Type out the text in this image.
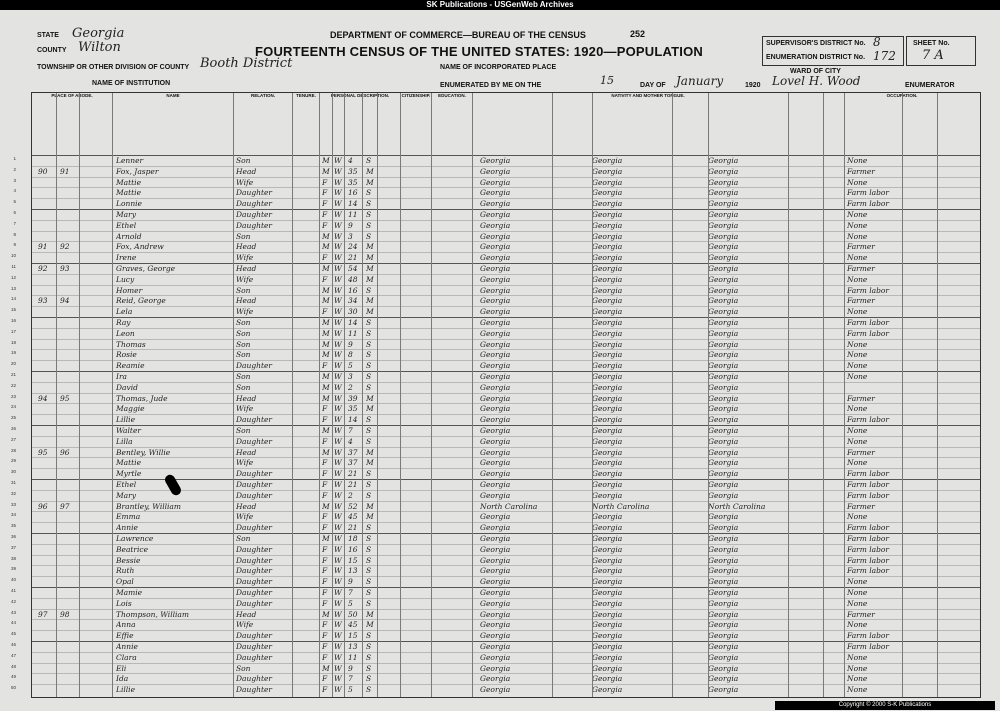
SK Publications - USGenWeb Archives
STATE Georgia
COUNTY Wilton
TOWNSHIP OR OTHER DIVISION OF COUNTY Booth District
NAME OF INSTITUTION
DEPARTMENT OF COMMERCE—BUREAU OF THE CENSUS	252
FOURTEENTH CENSUS OF THE UNITED STATES: 1920—POPULATION
NAME OF INCORPORATED PLACE
ENUMERATED BY ME ON THE	15	DAY OF January	1920 Lovel H. Wood	ENUMERATOR
SUPERVISOR'S DISTRICT No. 8
ENUMERATION DISTRICT No. 172
SHEET No.
7 A
WARD OF CITY
PLACE OF ABODE.	NAME	RELATION.	TENURE.	PERSONAL DESCRIPTION.	CITIZENSHIP.	EDUCATION.	NATIVITY AND MOTHER TONGUE.	OCCUPATION.
1	Lenner	Son	M W 4	S	Georgia	Georgia	Georgia	None
2	90	91	Fox, Jasper	Head	M W 35	M	Georgia	Georgia	Georgia	Farmer
3	Mattie	Wife	F W 35	M	Georgia	Georgia	Georgia	None
4	Mattie	Daughter	F W 16	S	Georgia	Georgia	Georgia	Farm labor
5	Lonnie	Daughter	F W 14	S	Georgia	Georgia	Georgia	Farm labor
6	Mary	Daughter	F W 11	S	Georgia	Georgia	Georgia	None
7	Ethel	Daughter	F W 9	S	Georgia	Georgia	Georgia	None
8	Arnold	Son	M W 3	S	Georgia	Georgia	Georgia	None
9	91	92	Fox, Andrew	Head	M W 24	M	Georgia	Georgia	Georgia	Farmer
10	Irene	Wife	F W 21	M	Georgia	Georgia	Georgia	None
11	92	93	Graves, George	Head	M W 54	M	Georgia	Georgia	Georgia	Farmer
12	Lucy	Wife	F W 48	M	Georgia	Georgia	Georgia	None
13	Homer	Son	M W 16	S	Georgia	Georgia	Georgia	Farm labor
14	93	94	Reid, George	Head	M W 34	M	Georgia	Georgia	Georgia	Farmer
15	Lela	Wife	F W 30	M	Georgia	Georgia	Georgia	None
16	Ray	Son	M W 14	S	Georgia	Georgia	Georgia	Farm labor
17	Leon	Son	M W 11	S	Georgia	Georgia	Georgia	Farm labor
18	Thomas	Son	M W 9	S	Georgia	Georgia	Georgia	None
19	Rosie	Son	M W 8	S	Georgia	Georgia	Georgia	None
20	Reamie	Daughter	F W 5	S	Georgia	Georgia	Georgia	None
21	Ira	Son	M W 3	S	Georgia	Georgia	Georgia	None
22	David	Son	M W 2	S	Georgia	Georgia	Georgia
23	94	95	Thomas, Jude	Head	M W 39	M	Georgia	Georgia	Georgia	Farmer
24	Maggie	Wife	F W 35	M	Georgia	Georgia	Georgia	None
25	Lillie	Daughter	F W 14	S	Georgia	Georgia	Georgia	Farm labor
26	Walter	Son	M W 7	S	Georgia	Georgia	Georgia	None
27	Lilla	Daughter	F W 4	S	Georgia	Georgia	Georgia	None
28	95	96	Bentley, Willie	Head	M W 37	M	Georgia	Georgia	Georgia	Farmer
29	Mattie	Wife	F W 37	M	Georgia	Georgia	Georgia	None
30	Myrtle	Daughter	F W 21	S	Georgia	Georgia	Georgia	Farm labor
31	Ethel	Daughter	F W 21	S	Georgia	Georgia	Georgia	Farm labor
32	Mary	Daughter	F W 2	S	Georgia	Georgia	Georgia	Farm labor
33	96	97	Brantley, William	Head	M W 52	M	North Carolina	North Carolina	North Carolina	Farmer
34	Emma	Wife	F W 45	M	Georgia	Georgia	Georgia	None
35	Annie	Daughter	F W 21	S	Georgia	Georgia	Georgia	Farm labor
36	Lawrence	Son	M W 18	S	Georgia	Georgia	Georgia	Farm labor
37	Beatrice	Daughter	F W 16	S	Georgia	Georgia	Georgia	Farm labor
38	Bessie	Daughter	F W 15	S	Georgia	Georgia	Georgia	Farm labor
39	Ruth	Daughter	F W 13	S	Georgia	Georgia	Georgia	Farm labor
40	Opal	Daughter	F W 9	S	Georgia	Georgia	Georgia	None
41	Mamie	Daughter	F W 7	S	Georgia	Georgia	Georgia	None
42	Lois	Daughter	F W 5	S	Georgia	Georgia	Georgia	None
43	97	98	Thompson, William	Head	M W 50	M	Georgia	Georgia	Georgia	Farmer
44	Anna	Wife	F W 45	M	Georgia	Georgia	Georgia	None
45	Effie	Daughter	F W 15	S	Georgia	Georgia	Georgia	Farm labor
46	Annie	Daughter	F W 13	S	Georgia	Georgia	Georgia	Farm labor
47	Clara	Daughter	F W 11	S	Georgia	Georgia	Georgia	None
48	Eli	Son	M W 9	S	Georgia	Georgia	Georgia	None
49	Ida	Daughter	F W 7	S	Georgia	Georgia	Georgia	None
50	Lillie	Daughter	F W 5	S	Georgia	Georgia	Georgia	None
Copyright © 2000 S-K Publications
